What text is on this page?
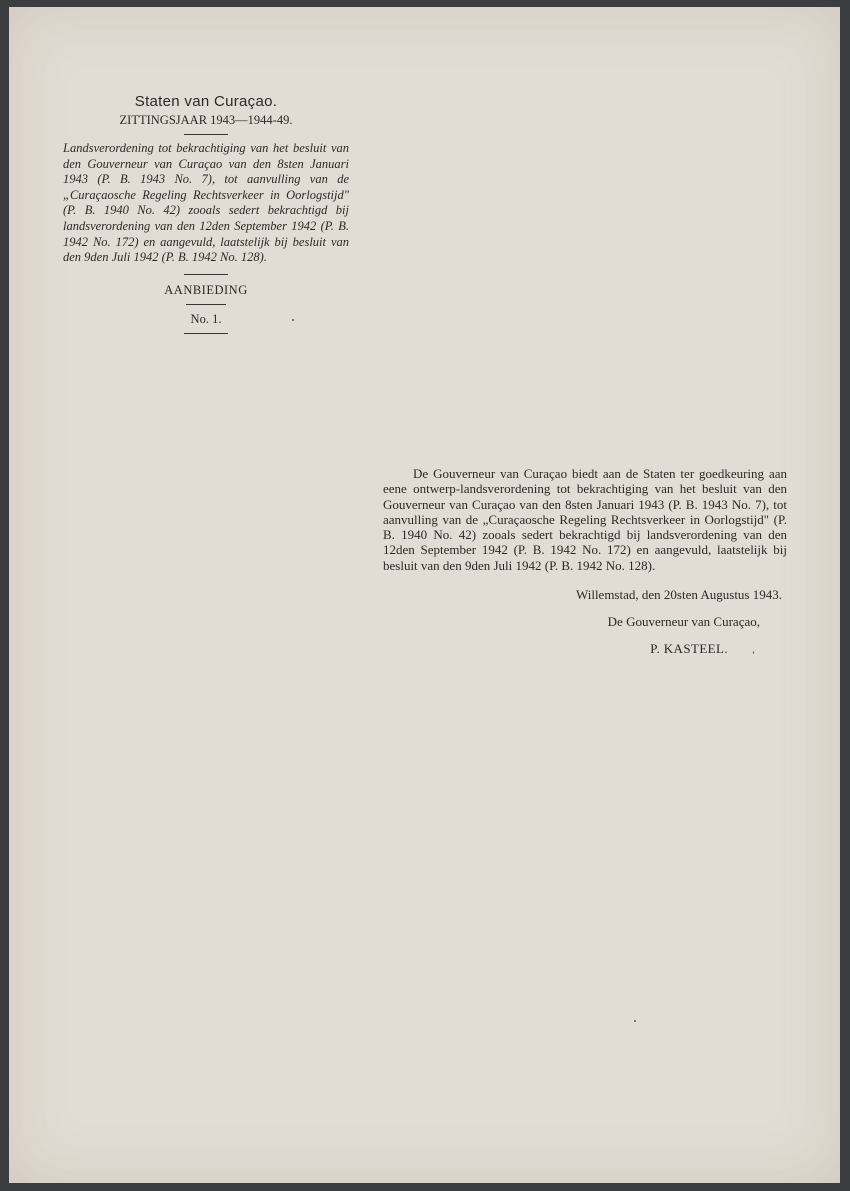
Staten van Curaçao.

ZITTINGSJAAR 1943—1944-49.

Landsverordening tot bekrachtiging van het besluit van den Gouverneur van Curaçao van den 8sten Januari 1943 (P. B. 1943 No. 7), tot aanvulling van de „Curaçaosche Regeling Rechtsverkeer in Oorlogstijd" (P. B. 1940 No. 42) zooals sedert bekrachtigd bij landsverordening van den 12den September 1942 (P. B. 1942 No. 172) en aangevuld, laatstelijk bij besluit van den 9den Juli 1942 (P. B. 1942 No. 128).

AANBIEDING

No. 1.

De Gouverneur van Curaçao biedt aan de Staten ter goedkeuring aan eene ontwerp-landsverordening tot bekrachtiging van het besluit van den Gouverneur van Curaçao van den 8sten Januari 1943 (P. B. 1943 No. 7), tot aanvulling van de „Curaçaosche Regeling Rechtsverkeer in Oorlogstijd" (P. B. 1940 No. 42) zooals sedert bekrachtigd bij landsverordening van den 12den September 1942 (P. B. 1942 No. 172) en aangevuld, laatstelijk bij besluit van den 9den Juli 1942 (P. B. 1942 No. 128).

Willemstad, den 20sten Augustus 1943.

De Gouverneur van Curaçao,

P. KASTEEL.
